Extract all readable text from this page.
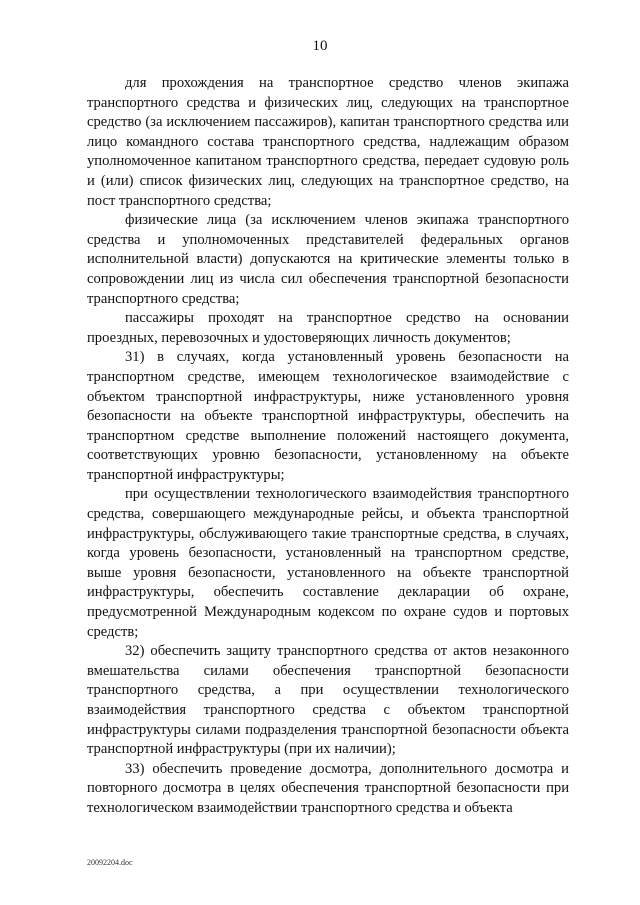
10

для прохождения на транспортное средство членов экипажа транспортного средства и физических лиц, следующих на транспортное средство (за исключением пассажиров), капитан транспортного средства или лицо командного состава транспортного средства, надлежащим образом уполномоченное капитаном транспортного средства, передает судовую роль и (или) список физических лиц, следующих на транспортное средство, на пост транспортного средства;

физические лица (за исключением членов экипажа транспортного средства и уполномоченных представителей федеральных органов исполнительной власти) допускаются на критические элементы только в сопровождении лиц из числа сил обеспечения транспортной безопасности транспортного средства;

пассажиры проходят на транспортное средство на основании проездных, перевозочных и удостоверяющих личность документов;

31) в случаях, когда установленный уровень безопасности на транспортном средстве, имеющем технологическое взаимодействие с объектом транспортной инфраструктуры, ниже установленного уровня безопасности на объекте транспортной инфраструктуры, обеспечить на транспортном средстве выполнение положений настоящего документа, соответствующих уровню безопасности, установленному на объекте транспортной инфраструктуры;

при осуществлении технологического взаимодействия транспортного средства, совершающего международные рейсы, и объекта транспортной инфраструктуры, обслуживающего такие транспортные средства, в случаях, когда уровень безопасности, установленный на транспортном средстве, выше уровня безопасности, установленного на объекте транспортной инфраструктуры, обеспечить составление декларации об охране, предусмотренной Международным кодексом по охране судов и портовых средств;

32) обеспечить защиту транспортного средства от актов незаконного вмешательства силами обеспечения транспортной безопасности транспортного средства, а при осуществлении технологического взаимодействия транспортного средства с объектом транспортной инфраструктуры силами подразделения транспортной безопасности объекта транспортной инфраструктуры (при их наличии);

33) обеспечить проведение досмотра, дополнительного досмотра и повторного досмотра в целях обеспечения транспортной безопасности при технологическом взаимодействии транспортного средства и объекта

20092204.doc
